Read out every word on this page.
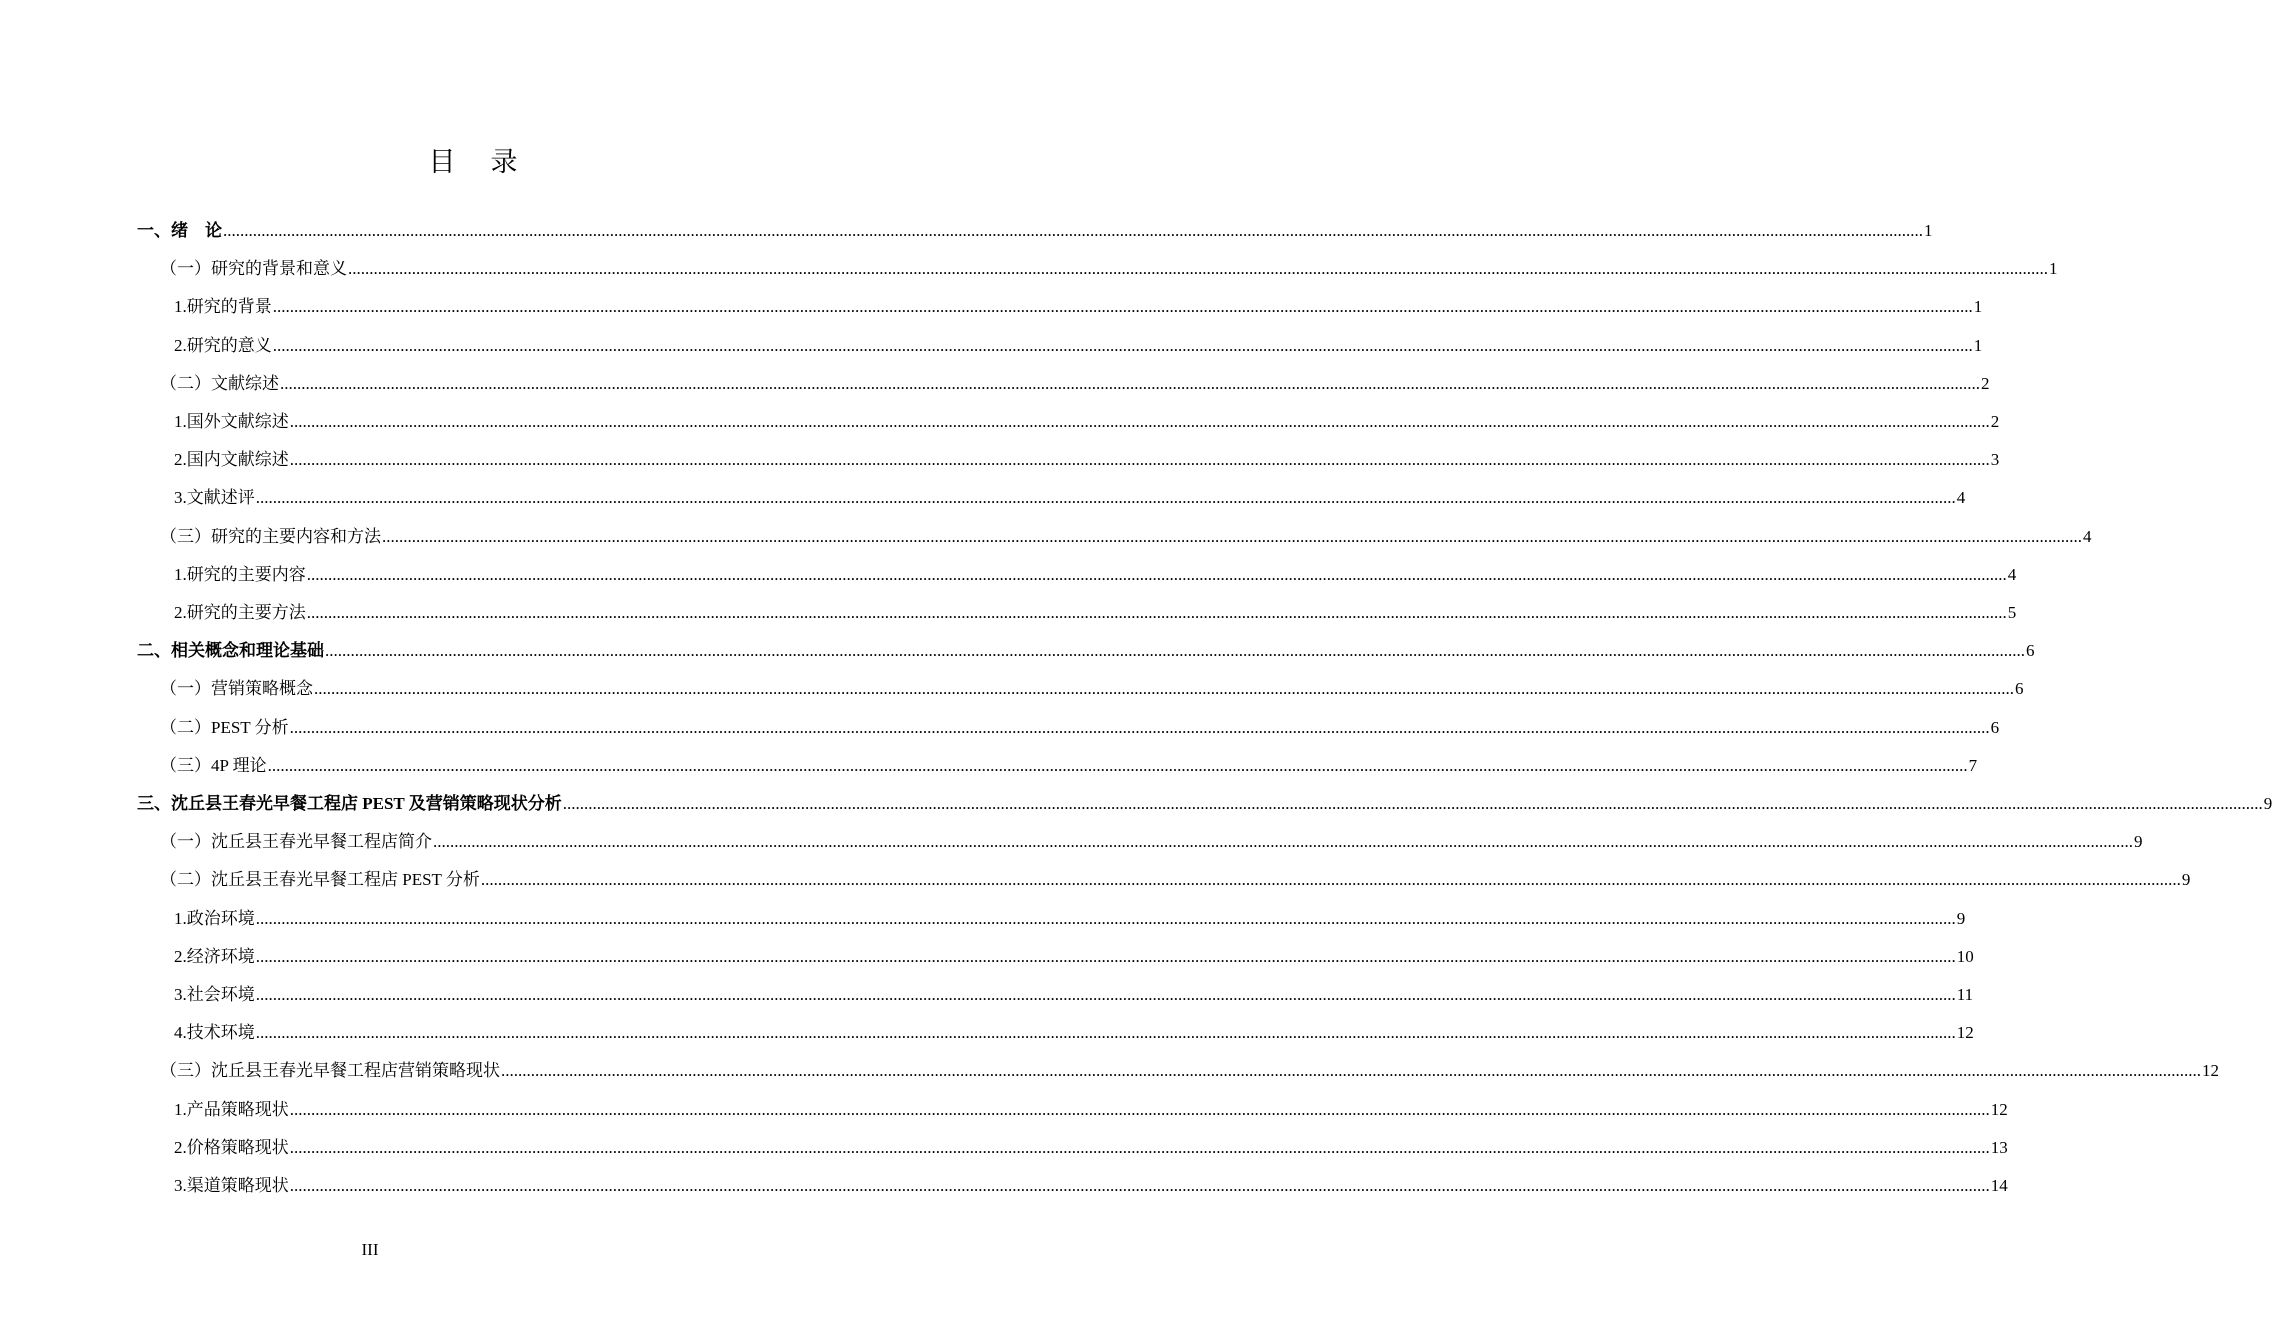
目　录
一、绪　论 ................................................................................................................................................................................................................................................................................................................................................................................................................ 1
（一）研究的背景和意义 ................................................................................................................................................................................................................................................................................................................................................................................................................ 1
1.研究的背景 ................................................................................................................................................................................................................................................................................................................................................................................................................ 1
2.研究的意义 ................................................................................................................................................................................................................................................................................................................................................................................................................ 1
（二）文献综述 ................................................................................................................................................................................................................................................................................................................................................................................................................ 2
1.国外文献综述 ................................................................................................................................................................................................................................................................................................................................................................................................................ 2
2.国内文献综述 ................................................................................................................................................................................................................................................................................................................................................................................................................ 3
3.文献述评 ................................................................................................................................................................................................................................................................................................................................................................................................................ 4
（三）研究的主要内容和方法 ................................................................................................................................................................................................................................................................................................................................................................................................................ 4
1.研究的主要内容 ................................................................................................................................................................................................................................................................................................................................................................................................................ 4
2.研究的主要方法 ................................................................................................................................................................................................................................................................................................................................................................................................................ 5
二、相关概念和理论基础 ................................................................................................................................................................................................................................................................................................................................................................................................................ 6
（一）营销策略概念 ................................................................................................................................................................................................................................................................................................................................................................................................................ 6
（二）PEST 分析 ................................................................................................................................................................................................................................................................................................................................................................................................................ 6
（三）4P 理论 ................................................................................................................................................................................................................................................................................................................................................................................................................ 7
三、沈丘县王春光早餐工程店 PEST 及营销策略现状分析 ................................................................................................................................................................................................................................................................................................................................................................................................................ 9
（一）沈丘县王春光早餐工程店简介 ................................................................................................................................................................................................................................................................................................................................................................................................................ 9
（二）沈丘县王春光早餐工程店 PEST 分析 ................................................................................................................................................................................................................................................................................................................................................................................................................ 9
1.政治环境 ................................................................................................................................................................................................................................................................................................................................................................................................................ 9
2.经济环境 ................................................................................................................................................................................................................................................................................................................................................................................................................ 10
3.社会环境 ................................................................................................................................................................................................................................................................................................................................................................................................................ 11
4.技术环境 ................................................................................................................................................................................................................................................................................................................................................................................................................ 12
（三）沈丘县王春光早餐工程店营销策略现状 ................................................................................................................................................................................................................................................................................................................................................................................................................ 12
1.产品策略现状 ................................................................................................................................................................................................................................................................................................................................................................................................................ 12
2.价格策略现状 ................................................................................................................................................................................................................................................................................................................................................................................................................ 13
3.渠道策略现状 ................................................................................................................................................................................................................................................................................................................................................................................................................ 14
III
